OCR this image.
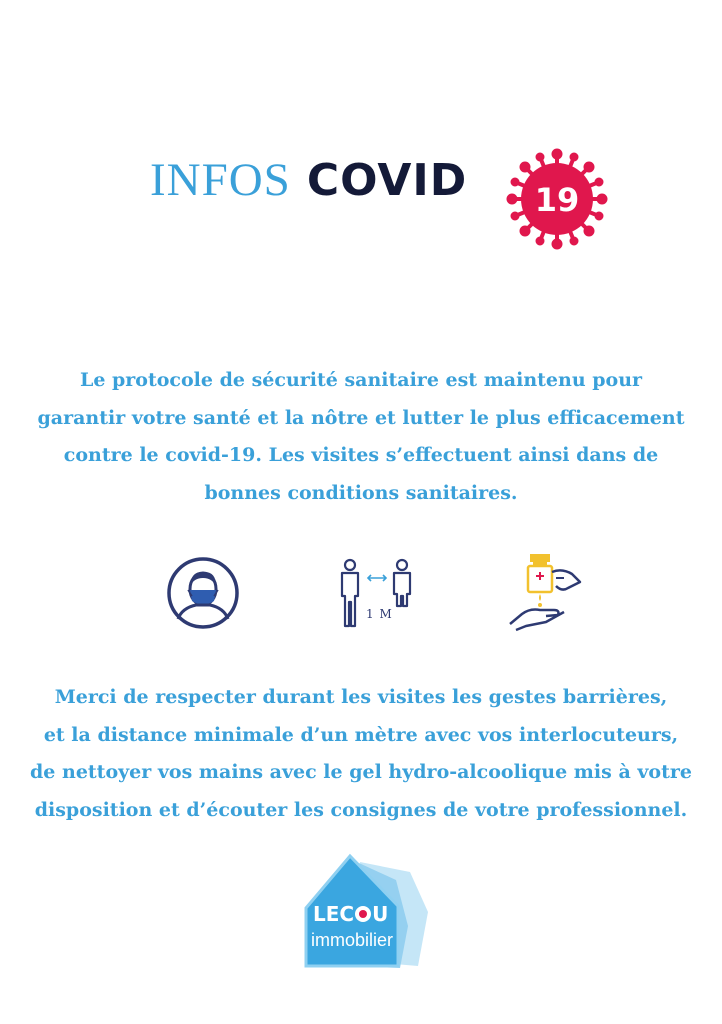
INFOS COVID	19
Le protocole de sécurité sanitaire est maintenu pour
garantir votre santé et la nôtre et lutter le plus efficacement
contre le covid-19. Les visites s’effectuent ainsi dans de
bonnes conditions sanitaires.
1 M
Merci de respecter durant les visites les gestes barrières,
et la distance minimale d’un mètre avec vos interlocuteurs,
de nettoyer vos mains avec le gel hydro-alcoolique mis à votre
disposition et d’écouter les consignes de votre professionnel.
LEC U
immobilier
